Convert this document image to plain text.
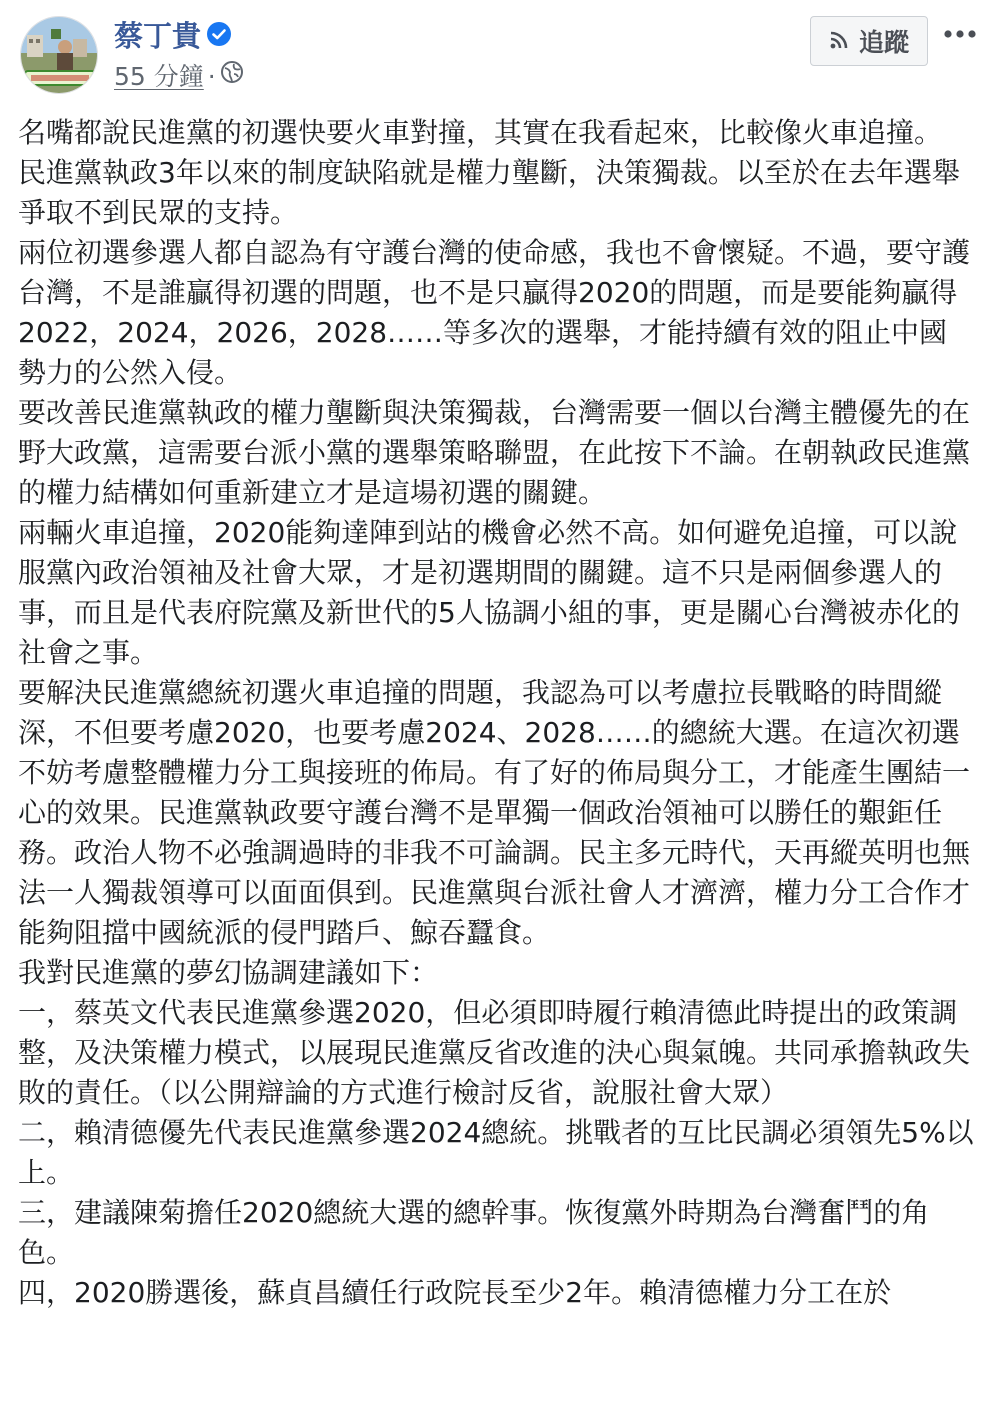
蔡丁貴
55 分鐘 ·
追蹤

名嘴都說民進黨的初選快要火車對撞，其實在我看起來，比較像火車追撞。

民進黨執政3年以來的制度缺陷就是權力壟斷，決策獨裁。以至於在去年選舉爭取不到民眾的支持。

兩位初選參選人都自認為有守護台灣的使命感，我也不會懷疑。不過，要守護台灣，不是誰贏得初選的問題，也不是只贏得2020的問題，而是要能夠贏得2022，2024，2026，2028……等多次的選舉，才能持續有效的阻止中國勢力的公然入侵。

要改善民進黨執政的權力壟斷與決策獨裁，台灣需要一個以台灣主體優先的在野大政黨，這需要台派小黨的選舉策略聯盟，在此按下不論。在朝執政民進黨的權力結構如何重新建立才是這場初選的關鍵。

兩輛火車追撞，2020能夠達陣到站的機會必然不高。如何避免追撞，可以說服黨內政治領袖及社會大眾，才是初選期間的關鍵。這不只是兩個參選人的事，而且是代表府院黨及新世代的5人協調小組的事，更是關心台灣被赤化的社會之事。

要解決民進黨總統初選火車追撞的問題，我認為可以考慮拉長戰略的時間縱深，不但要考慮2020，也要考慮2024、2028……的總統大選。在這次初選不妨考慮整體權力分工與接班的佈局。有了好的佈局與分工，才能產生團結一心的效果。民進黨執政要守護台灣不是單獨一個政治領袖可以勝任的艱鉅任務。政治人物不必強調過時的非我不可論調。民主多元時代，天再縱英明也無法一人獨裁領導可以面面俱到。民進黨與台派社會人才濟濟，權力分工合作才能夠阻擋中國統派的侵門踏戶、鯨吞蠶食。

我對民進黨的夢幻協調建議如下：

一，蔡英文代表民進黨參選2020，但必須即時履行賴清德此時提出的政策調整，及決策權力模式，以展現民進黨反省改進的決心與氣魄。共同承擔執政失敗的責任。（以公開辯論的方式進行檢討反省，說服社會大眾）

二，賴清德優先代表民進黨參選2024總統。挑戰者的互比民調必須領先5%以上。

三，建議陳菊擔任2020總統大選的總幹事。恢復黨外時期為台灣奮鬥的角色。

四，2020勝選後，蘇貞昌續任行政院長至少2年。賴清德權力分工在於
